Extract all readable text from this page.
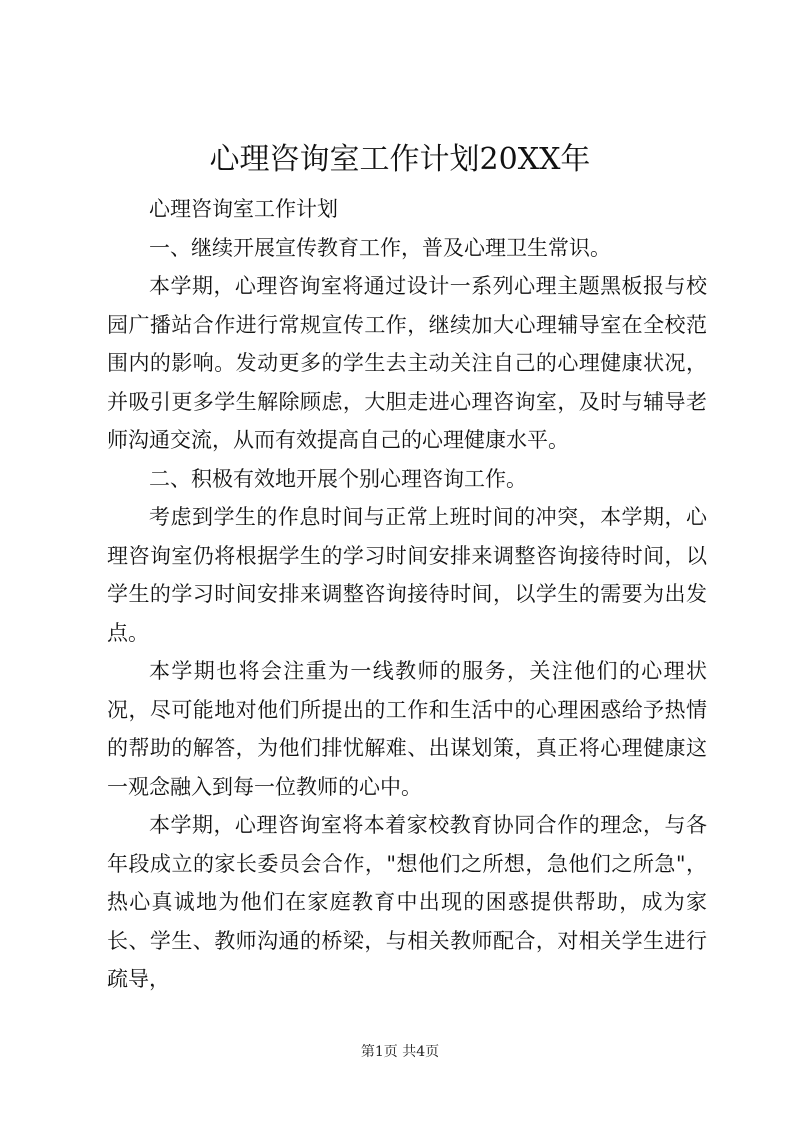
心理咨询室工作计划20XX年

心理咨询室工作计划

一、继续开展宣传教育工作，普及心理卫生常识。

本学期，心理咨询室将通过设计一系列心理主题黑板报与校园广播站合作进行常规宣传工作，继续加大心理辅导室在全校范围内的影响。发动更多的学生去主动关注自己的心理健康状况，并吸引更多学生解除顾虑，大胆走进心理咨询室，及时与辅导老师沟通交流，从而有效提高自己的心理健康水平。

二、积极有效地开展个别心理咨询工作。

考虑到学生的作息时间与正常上班时间的冲突，本学期，心理咨询室仍将根据学生的学习时间安排来调整咨询接待时间，以学生的学习时间安排来调整咨询接待时间，以学生的需要为出发点。

本学期也将会注重为一线教师的服务，关注他们的心理状况，尽可能地对他们所提出的工作和生活中的心理困惑给予热情的帮助的解答，为他们排忧解难、出谋划策，真正将心理健康这一观念融入到每一位教师的心中。

本学期，心理咨询室将本着家校教育协同合作的理念，与各年段成立的家长委员会合作，"想他们之所想，急他们之所急"，热心真诚地为他们在家庭教育中出现的困惑提供帮助，成为家长、学生、教师沟通的桥梁，与相关教师配合，对相关学生进行疏导，

第1页 共4页
